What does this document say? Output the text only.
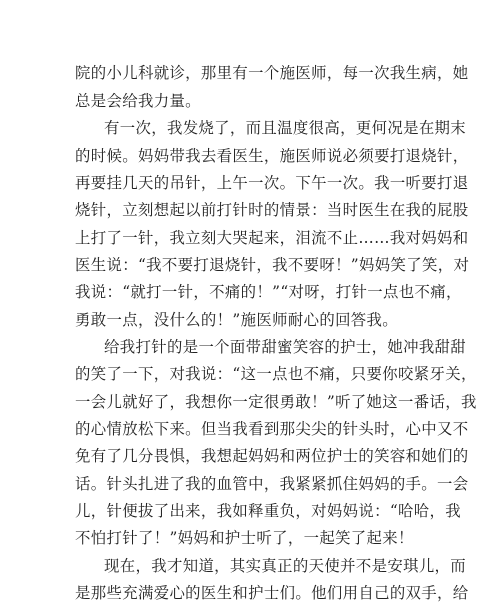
院的小儿科就诊，那里有一个施医师，每一次我生病，她
总是会给我力量。
有一次，我发烧了，而且温度很高，更何况是在期末
的时候。妈妈带我去看医生，施医师说必须要打退烧针，
再要挂几天的吊针，上午一次。下午一次。我一听要打退
烧针，立刻想起以前打针时的情景：当时医生在我的屁股
上打了一针，我立刻大哭起来，泪流不止……我对妈妈和
医生说：“我不要打退烧针，我不要呀！”妈妈笑了笑，对
我说：“就打一针，不痛的！”“对呀，打针一点也不痛，
勇敢一点，没什么的！”施医师耐心的回答我。
给我打针的是一个面带甜蜜笑容的护士，她冲我甜甜
的笑了一下，对我说：“这一点也不痛，只要你咬紧牙关，
一会儿就好了，我想你一定很勇敢！”听了她这一番话，我
的心情放松下来。但当我看到那尖尖的针头时，心中又不
免有了几分畏惧，我想起妈妈和两位护士的笑容和她们的
话。针头扎进了我的血管中，我紧紧抓住妈妈的手。一会
儿，针便拔了出来，我如释重负，对妈妈说：“哈哈，我
不怕打针了！”妈妈和护士听了，一起笑了起来！
现在，我才知道，其实真正的天使并不是安琪儿，而
是那些充满爱心的医生和护士们。他们用自己的双手，给
